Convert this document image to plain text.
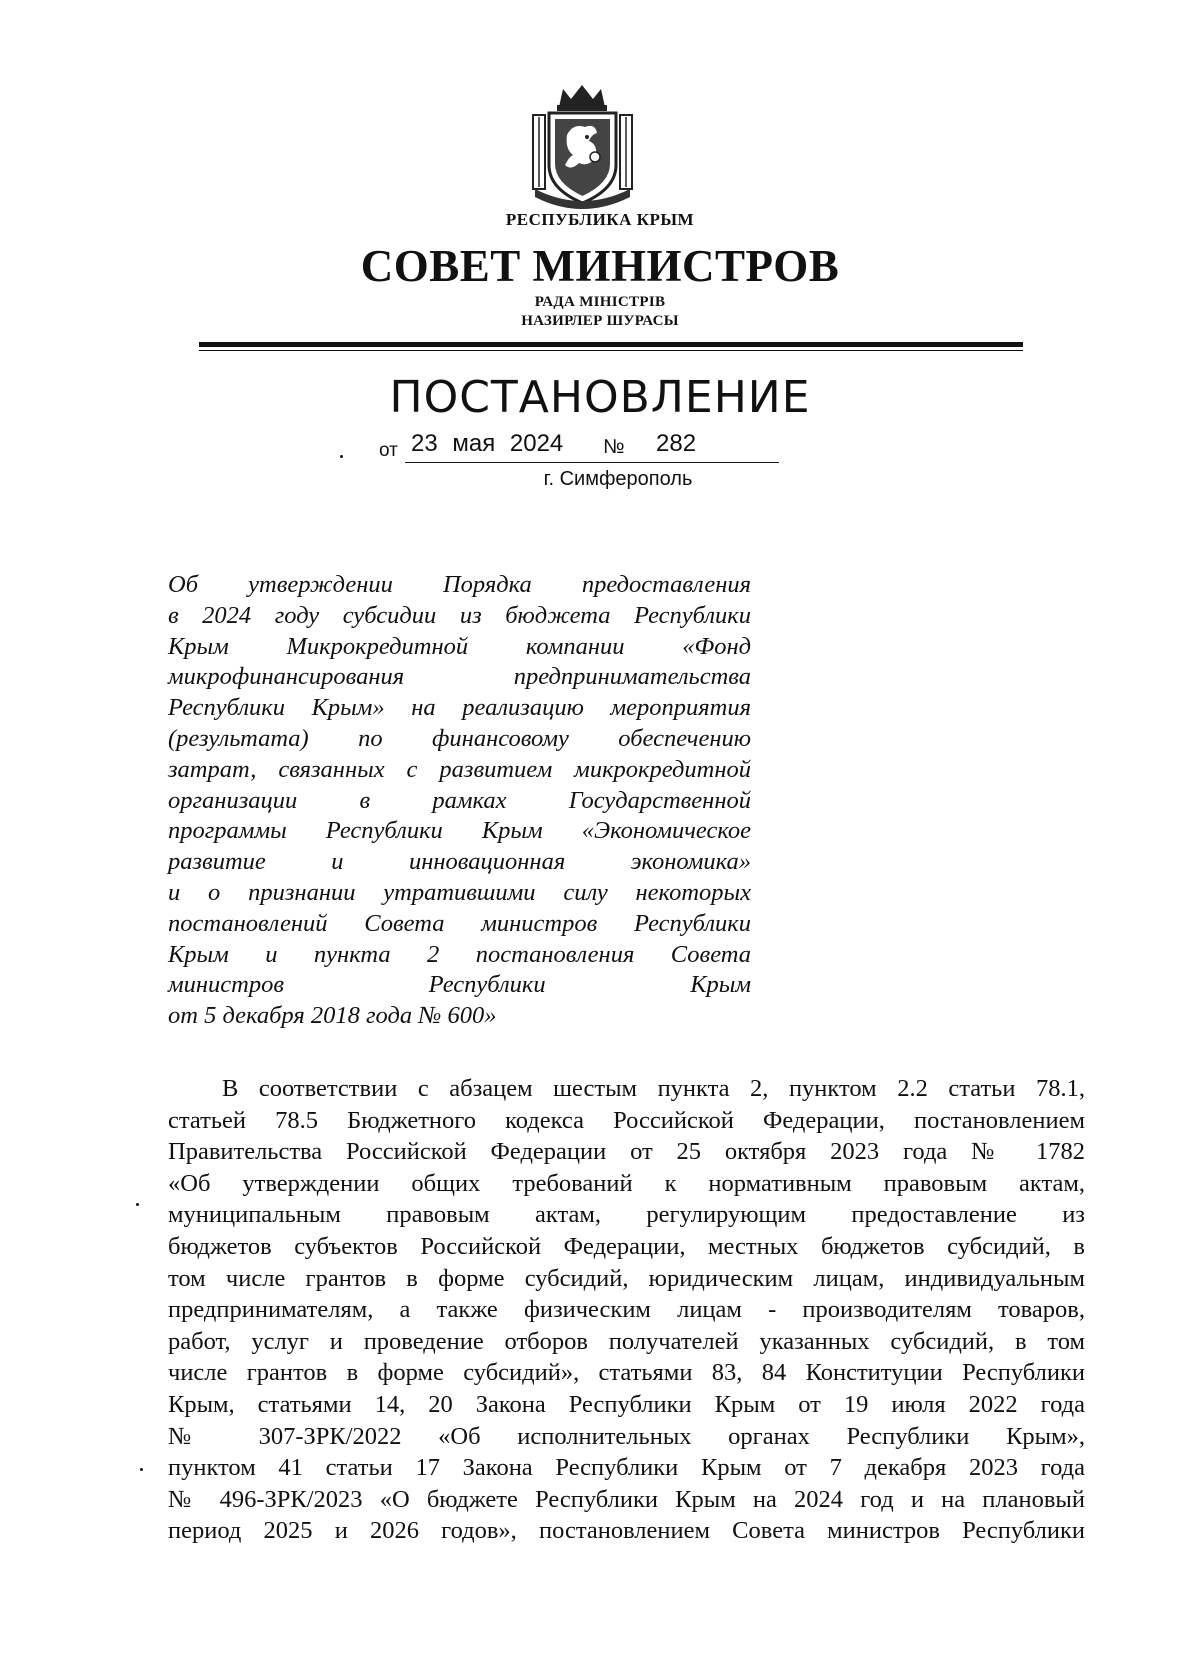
РЕСПУБЛИКА КРЫМ
СОВЕТ МИНИСТРОВ
РАДА МІНІСТРІВ
НАЗИРЛЕР ШУРАСЫ
ПОСТАНОВЛЕНИЕ
от 23 мая 2024 № 282
г. Симферополь
Об утверждении Порядка предоставления
в 2024 году субсидии из бюджета Республики
Крым Микрокредитной компании «Фонд
микрофинансирования предпринимательства
Республики Крым» на реализацию мероприятия
(результата) по финансовому обеспечению
затрат, связанных с развитием микрокредитной
организации в рамках Государственной
программы Республики Крым «Экономическое
развитие и инновационная экономика»
и о признании утратившими силу некоторых
постановлений Совета министров Республики
Крым и пункта 2 постановления Совета
министров Республики Крым
от 5 декабря 2018 года № 600»
В соответствии с абзацем шестым пункта 2, пунктом 2.2 статьи 78.1,
статьей 78.5 Бюджетного кодекса Российской Федерации, постановлением
Правительства Российской Федерации от 25 октября 2023 года № 1782
«Об утверждении общих требований к нормативным правовым актам,
муниципальным правовым актам, регулирующим предоставление из
бюджетов субъектов Российской Федерации, местных бюджетов субсидий, в
том числе грантов в форме субсидий, юридическим лицам, индивидуальным
предпринимателям, а также физическим лицам - производителям товаров,
работ, услуг и проведение отборов получателей указанных субсидий, в том
числе грантов в форме субсидий», статьями 83, 84 Конституции Республики
Крым, статьями 14, 20 Закона Республики Крым от 19 июля 2022 года
№ 307-ЗРК/2022 «Об исполнительных органах Республики Крым»,
пунктом 41 статьи 17 Закона Республики Крым от 7 декабря 2023 года
№ 496-ЗРК/2023 «О бюджете Республики Крым на 2024 год и на плановый
период 2025 и 2026 годов», постановлением Совета министров Республики
